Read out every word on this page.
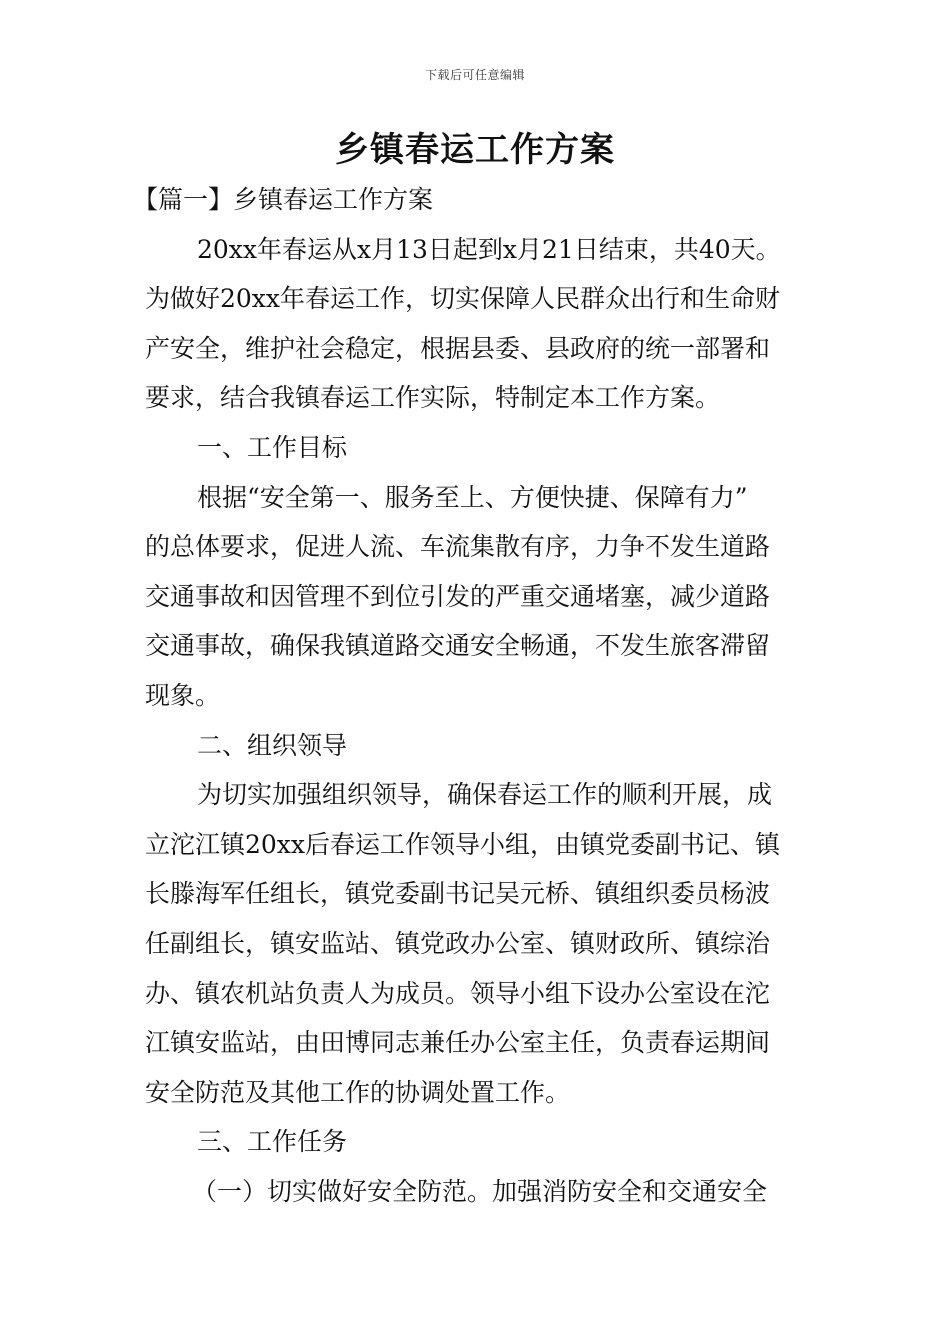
下载后可任意编辑
乡镇春运工作方案
【篇一】乡镇春运工作方案
20xx年春运从x月13日起到x月21日结束，共40天。
为做好20xx年春运工作，切实保障人民群众出行和生命财
产安全，维护社会稳定，根据县委、县政府的统一部署和
要求，结合我镇春运工作实际，特制定本工作方案。
一、工作目标
根据“安全第一、服务至上、方便快捷、保障有力”
的总体要求，促进人流、车流集散有序，力争不发生道路
交通事故和因管理不到位引发的严重交通堵塞，减少道路
交通事故，确保我镇道路交通安全畅通，不发生旅客滞留
现象。
二、组织领导
为切实加强组织领导，确保春运工作的顺利开展，成
立沱江镇20xx后春运工作领导小组，由镇党委副书记、镇
长滕海军任组长，镇党委副书记吴元桥、镇组织委员杨波
任副组长，镇安监站、镇党政办公室、镇财政所、镇综治
办、镇农机站负责人为成员。领导小组下设办公室设在沱
江镇安监站，由田博同志兼任办公室主任，负责春运期间
安全防范及其他工作的协调处置工作。
三、工作任务
（一）切实做好安全防范。加强消防安全和交通安全
